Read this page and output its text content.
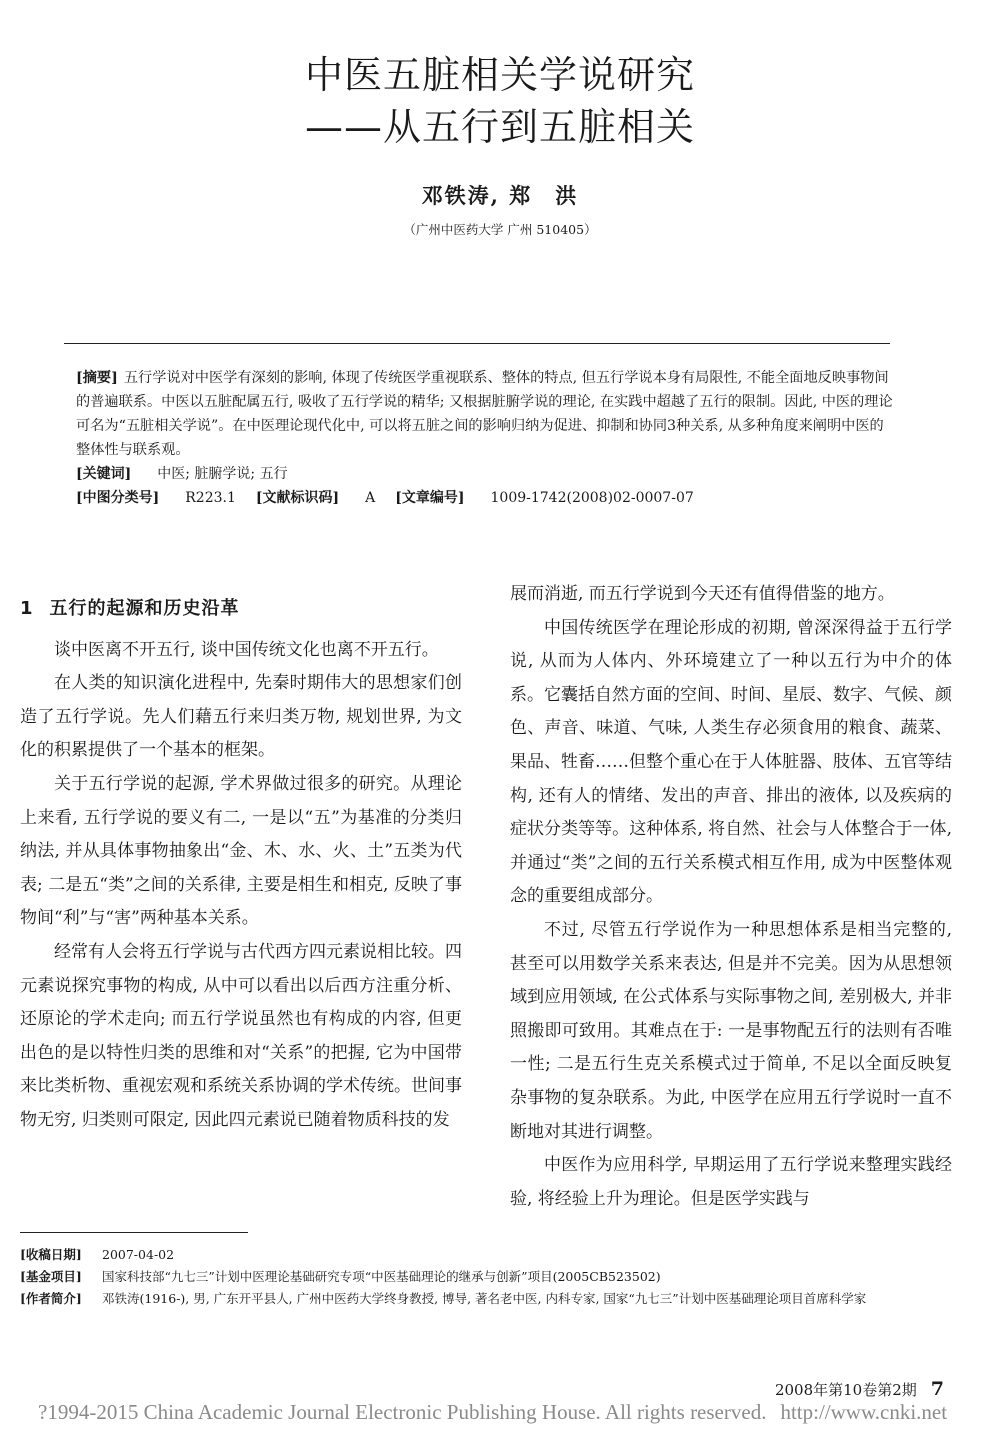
中医五脏相关学说研究
——从五行到五脏相关
邓铁涛, 郑　洪
（广州中医药大学 广州 510405）

[摘要] 五行学说对中医学有深刻的影响, 体现了传统医学重视联系、整体的特点, 但五行学说本身有局限性, 不能全面地反映事物间的普遍联系。中医以五脏配属五行, 吸收了五行学说的精华; 又根据脏腑学说的理论, 在实践中超越了五行的限制。因此, 中医的理论可名为“五脏相关学说”。在中医理论现代化中, 可以将五脏之间的影响归纳为促进、抑制和协同3种关系, 从多种角度来阐明中医的整体性与联系观。

[关键词] 中医; 脏腑学说; 五行

[中图分类号] R223.1 [文献标识码] A [文章编号] 1009-1742(2008)02-0007-07

1 五行的起源和历史沿革

谈中医离不开五行, 谈中国传统文化也离不开五行。

在人类的知识演化进程中, 先秦时期伟大的思想家们创造了五行学说。先人们藉五行来归类万物, 规划世界, 为文化的积累提供了一个基本的框架。

关于五行学说的起源, 学术界做过很多的研究。从理论上来看, 五行学说的要义有二, 一是以“五”为基准的分类归纳法, 并从具体事物抽象出“金、木、水、火、土”五类为代表; 二是五“类”之间的关系律, 主要是相生和相克, 反映了事物间“利”与“害”两种基本关系。

经常有人会将五行学说与古代西方四元素说相比较。四元素说探究事物的构成, 从中可以看出以后西方注重分析、还原论的学术走向; 而五行学说虽然也有构成的内容, 但更出色的是以特性归类的思维和对“关系”的把握, 它为中国带来比类析物、重视宏观和系统关系协调的学术传统。世间事物无穷, 归类则可限定, 因此四元素说已随着物质科技的发

展而消逝, 而五行学说到今天还有值得借鉴的地方。

中国传统医学在理论形成的初期, 曾深深得益于五行学说, 从而为人体内、外环境建立了一种以五行为中介的体系。它囊括自然方面的空间、时间、星辰、数字、气候、颜色、声音、味道、气味, 人类生存必须食用的粮食、蔬菜、果品、牲畜……但整个重心在于人体脏器、肢体、五官等结构, 还有人的情绪、发出的声音、排出的液体, 以及疾病的症状分类等等。这种体系, 将自然、社会与人体整合于一体, 并通过“类”之间的五行关系模式相互作用, 成为中医整体观念的重要组成部分。

不过, 尽管五行学说作为一种思想体系是相当完整的, 甚至可以用数学关系来表达, 但是并不完美。因为从思想领域到应用领域, 在公式体系与实际事物之间, 差别极大, 并非照搬即可致用。其难点在于: 一是事物配五行的法则有否唯一性; 二是五行生克关系模式过于简单, 不足以全面反映复杂事物的复杂联系。为此, 中医学在应用五行学说时一直不断地对其进行调整。

中医作为应用科学, 早期运用了五行学说来整理实践经验, 将经验上升为理论。但是医学实践与

[收稿日期]	2007-04-02
[基金项目]	国家科技部“九七三”计划中医理论基础研究专项“中医基础理论的继承与创新”项目(2005CB523502)
[作者简介]	邓铁涛(1916-), 男, 广东开平县人, 广州中医药大学终身教授, 博导, 著名老中医, 内科专家, 国家“九七三”计划中医基础理论项目首席科学家
2008年第10卷第2期 7
?1994-2015 China Academic Journal Electronic Publishing House. All rights reserved. http://www.cnki.net
